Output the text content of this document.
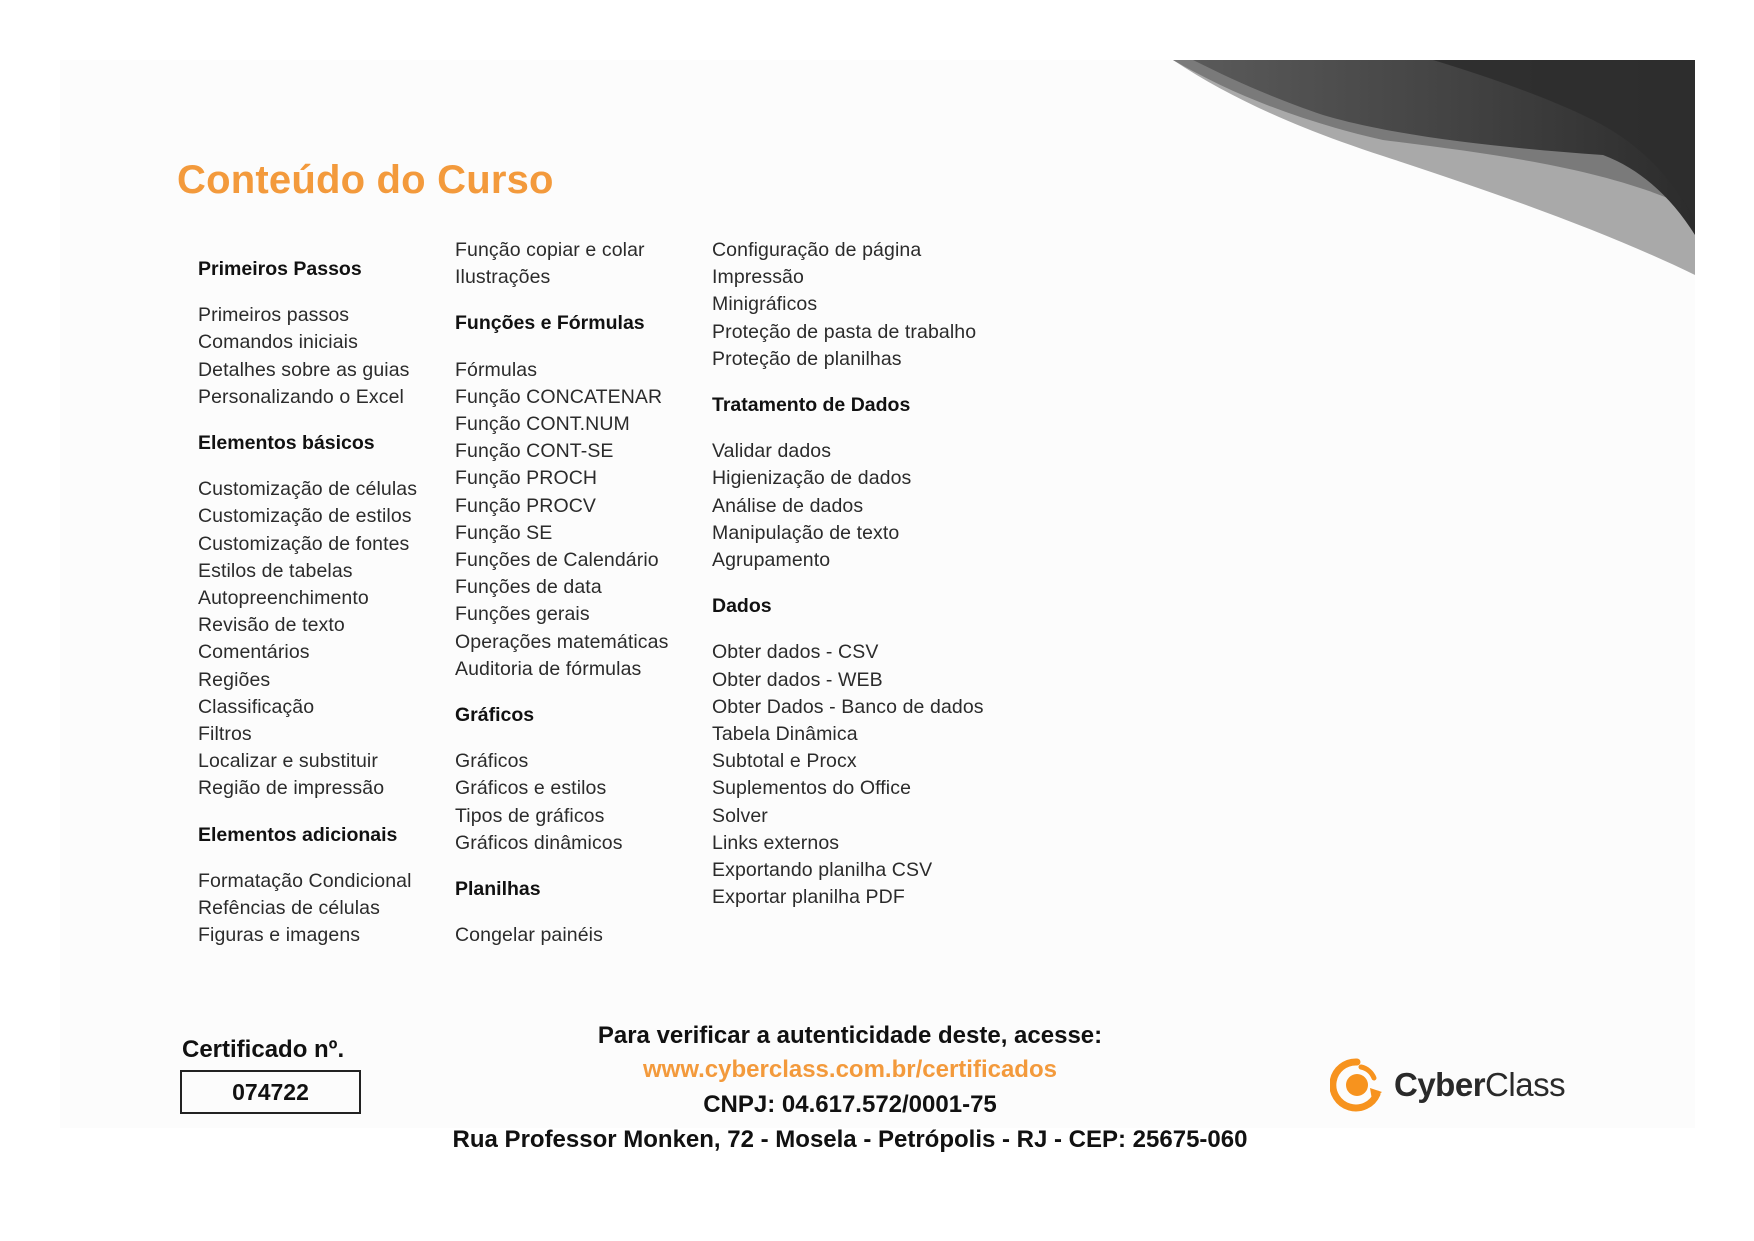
Conteúdo do Curso
Primeiros Passos
Primeiros passos
Comandos iniciais
Detalhes sobre as guias
Personalizando o Excel
Elementos básicos
Customização de células
Customização de estilos
Customização de fontes
Estilos de tabelas
Autopreenchimento
Revisão de texto
Comentários
Regiões
Classificação
Filtros
Localizar e substituir
Região de impressão
Elementos adicionais
Formatação Condicional
Refências de células
Figuras e imagens
Função copiar e colar
Ilustrações
Funções e Fórmulas
Fórmulas
Função CONCATENAR
Função CONT.NUM
Função CONT-SE
Função PROCH
Função PROCV
Função SE
Funções de Calendário
Funções de data
Funções gerais
Operações matemáticas
Auditoria de fórmulas
Gráficos
Gráficos
Gráficos e estilos
Tipos de gráficos
Gráficos dinâmicos
Planilhas
Congelar painéis
Configuração de página
Impressão
Minigráficos
Proteção de pasta de trabalho
Proteção de planilhas
Tratamento de Dados
Validar dados
Higienização de dados
Análise de dados
Manipulação de texto
Agrupamento
Dados
Obter dados - CSV
Obter dados - WEB
Obter Dados - Banco de dados
Tabela Dinâmica
Subtotal e Procx
Suplementos do Office
Solver
Links externos
Exportando planilha CSV
Exportar planilha PDF
Certificado nº.
074722
Para verificar a autenticidade deste, acesse:
www.cyberclass.com.br/certificados
CNPJ: 04.617.572/0001-75
Rua Professor Monken, 72 - Mosela - Petrópolis - RJ - CEP: 25675-060
CyberClass
